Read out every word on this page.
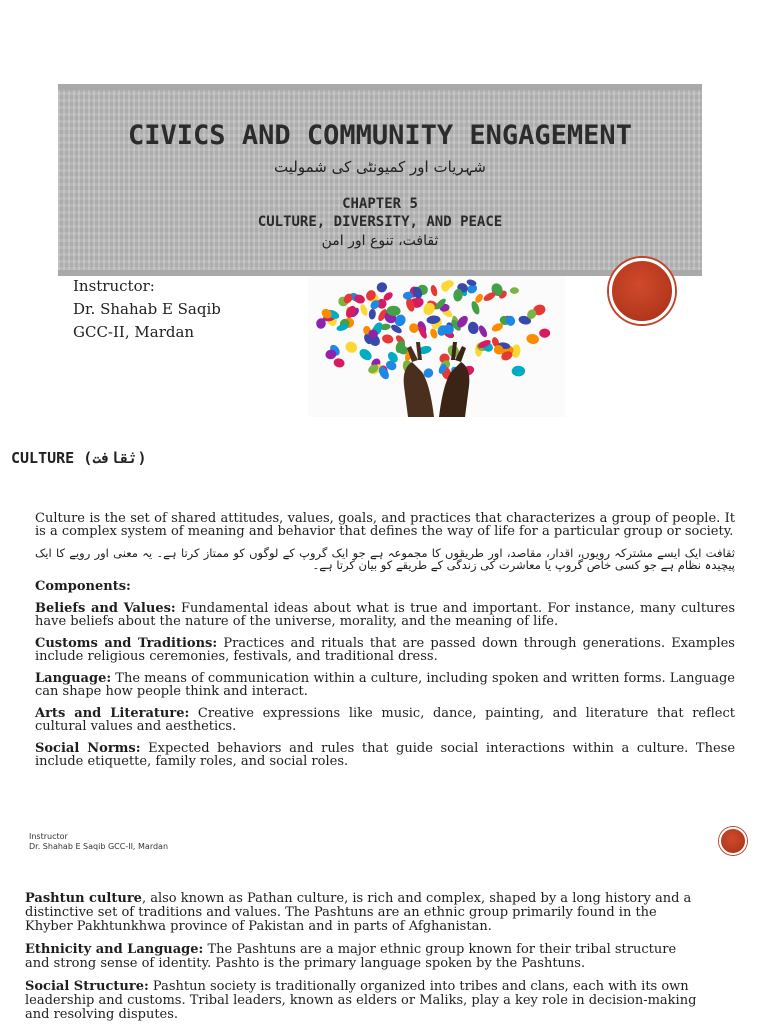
CIVICS AND COMMUNITY ENGAGEMENT
شہریات اور کمیونٹی کی شمولیت
CHAPTER 5
CULTURE, DIVERSITY, AND PEACE
ثقافت، تنوع اور امن
Instructor:
Dr. Shahab E Saqib
GCC-II, Mardan
CULTURE (ثقافت)

Culture is the set of shared attitudes, values, goals, and practices that characterizes a group of people. It is a complex system of meaning and behavior that defines the way of life for a particular group or society.

ثقافت ایک ایسے مشترکہ رویوں، اقدار، مقاصد، اور طریقوں کا مجموعہ ہے جو ایک گروپ کے لوگوں کو ممتاز کرتا ہے۔ یہ معنی اور رویے کا ایک پیچیدہ نظام ہے جو کسی خاص گروپ یا معاشرت کی زندگی کے طریقے کو بیان کرتا ہے۔

Components:

Beliefs and Values: Fundamental ideas about what is true and important. For instance, many cultures have beliefs about the nature of the universe, morality, and the meaning of life.

Customs and Traditions: Practices and rituals that are passed down through generations. Examples include religious ceremonies, festivals, and traditional dress.

Language: The means of communication within a culture, including spoken and written forms. Language can shape how people think and interact.

Arts and Literature: Creative expressions like music, dance, painting, and literature that reflect cultural values and aesthetics.

Social Norms: Expected behaviors and rules that guide social interactions within a culture. These include etiquette, family roles, and social roles.

Instructor
Dr. Shahab E Saqib GCC-II, Mardan

Pashtun culture, also known as Pathan culture, is rich and complex, shaped by a long history and a distinctive set of traditions and values. The Pashtuns are an ethnic group primarily found in the Khyber Pakhtunkhwa province of Pakistan and in parts of Afghanistan.

Ethnicity and Language: The Pashtuns are a major ethnic group known for their tribal structure and strong sense of identity. Pashto is the primary language spoken by the Pashtuns.

Social Structure: Pashtun society is traditionally organized into tribes and clans, each with its own leadership and customs. Tribal leaders, known as elders or Maliks, play a key role in decision-making and resolving disputes.
